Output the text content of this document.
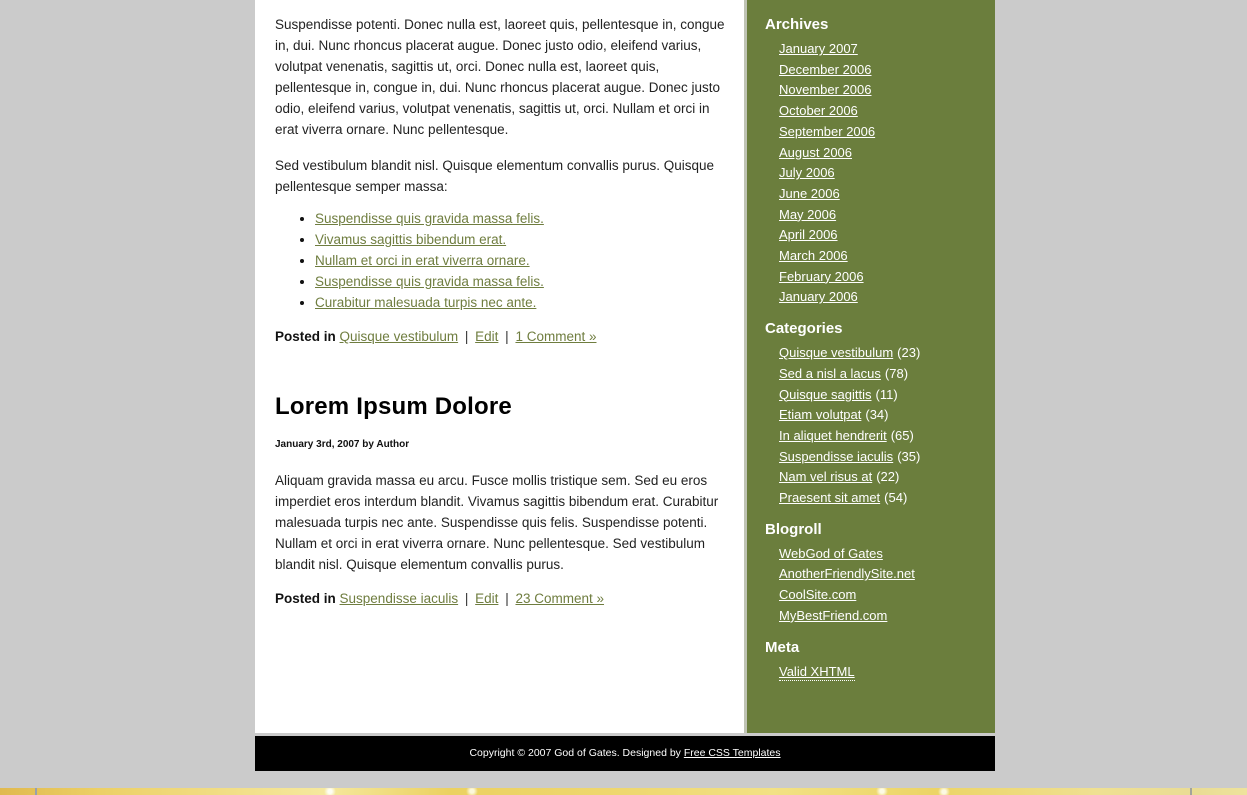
Suspendisse potenti. Donec nulla est, laoreet quis, pellentesque in, congue in, dui. Nunc rhoncus placerat augue. Donec justo odio, eleifend varius, volutpat venenatis, sagittis ut, orci. Donec nulla est, laoreet quis, pellentesque in, congue in, dui. Nunc rhoncus placerat augue. Donec justo odio, eleifend varius, volutpat venenatis, sagittis ut, orci. Nullam et orci in erat viverra ornare. Nunc pellentesque.

Sed vestibulum blandit nisl. Quisque elementum convallis purus. Quisque pellentesque semper massa:

• Suspendisse quis gravida massa felis.
• Vivamus sagittis bibendum erat.
• Nullam et orci in erat viverra ornare.
• Suspendisse quis gravida massa felis.
• Curabitur malesuada turpis nec ante.

Posted in Quisque vestibulum | Edit | 1 Comment »

Lorem Ipsum Dolore

January 3rd, 2007 by Author

Aliquam gravida massa eu arcu. Fusce mollis tristique sem. Sed eu eros imperdiet eros interdum blandit. Vivamus sagittis bibendum erat. Curabitur malesuada turpis nec ante. Suspendisse quis felis. Suspendisse potenti. Nullam et orci in erat viverra ornare. Nunc pellentesque. Sed vestibulum blandit nisl. Quisque elementum convallis purus.

Posted in Suspendisse iaculis | Edit | 23 Comment »

Archives
January 2007
December 2006
November 2006
October 2006
September 2006
August 2006
July 2006
June 2006
May 2006
April 2006
March 2006
February 2006
January 2006
Categories
Quisque vestibulum (23)
Sed a nisl a lacus (78)
Quisque sagittis (11)
Etiam volutpat (34)
In aliquet hendrerit (65)
Suspendisse iaculis (35)
Nam vel risus at (22)
Praesent sit amet (54)
Blogroll
WebGod of Gates
AnotherFriendlySite.net
CoolSite.com
MyBestFriend.com
Meta
Valid XHTML
Copyright © 2007 God of Gates. Designed by Free CSS Templates
